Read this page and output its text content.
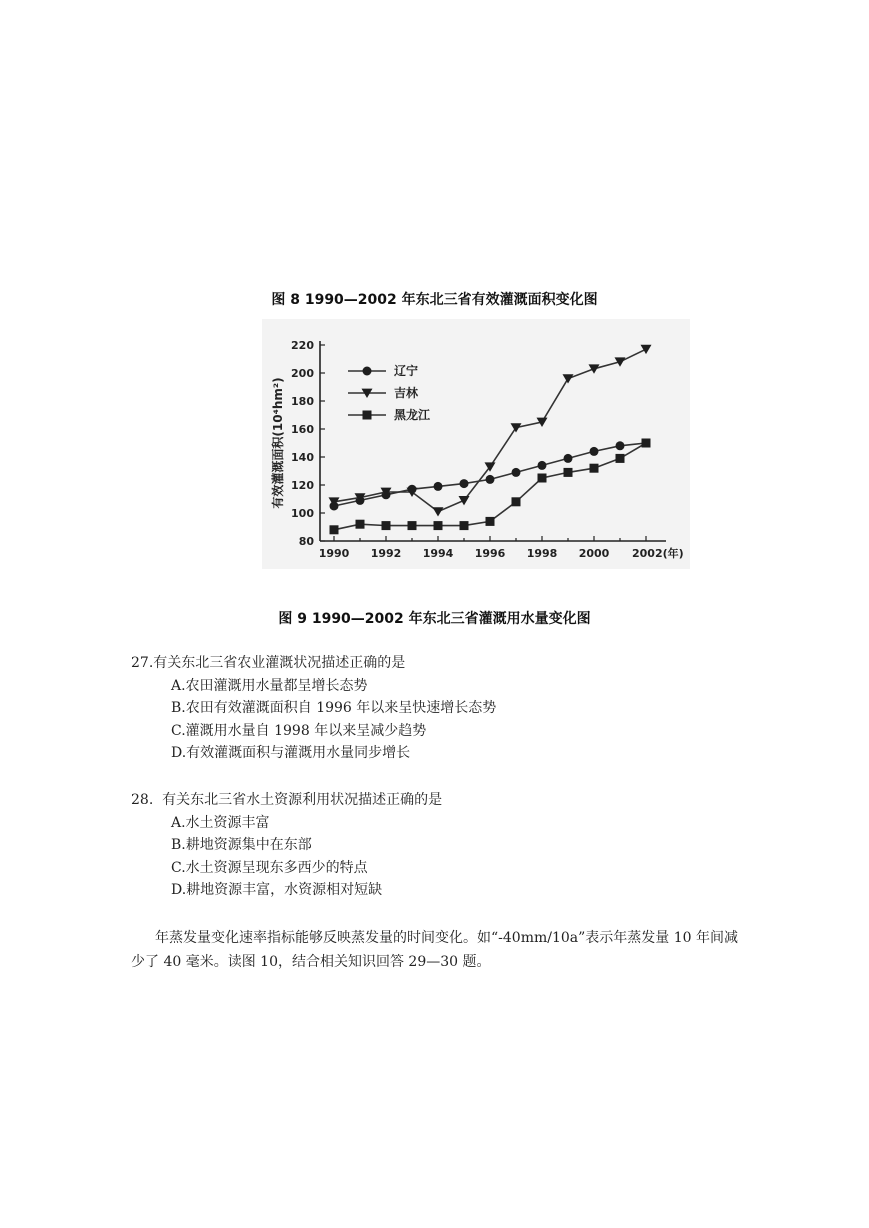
图 8 1990—2002 年东北三省有效灌溉面积变化图
80
100
120
140
160
180
200
220
1990 1992 1994 1996 1998 2000 2002(年)
有效灌溉面积(10⁴hm²)
辽宁
吉林
黑龙江
图 9 1990—2002 年东北三省灌溉用水量变化图
27.有关东北三省农业灌溉状况描述正确的是
A.农田灌溉用水量都呈增长态势
B.农田有效灌溉面积自 1996 年以来呈快速增长态势
C.灌溉用水量自 1998 年以来呈减少趋势
D.有效灌溉面积与灌溉用水量同步增长
28.  有关东北三省水土资源利用状况描述正确的是
A.水土资源丰富
B.耕地资源集中在东部
C.水土资源呈现东多西少的特点
D.耕地资源丰富，水资源相对短缺
年蒸发量变化速率指标能够反映蒸发量的时间变化。如“-40mm/10a”表示年蒸发量 10 年间减少了 40 毫米。读图 10，结合相关知识回答 29—30 题。
